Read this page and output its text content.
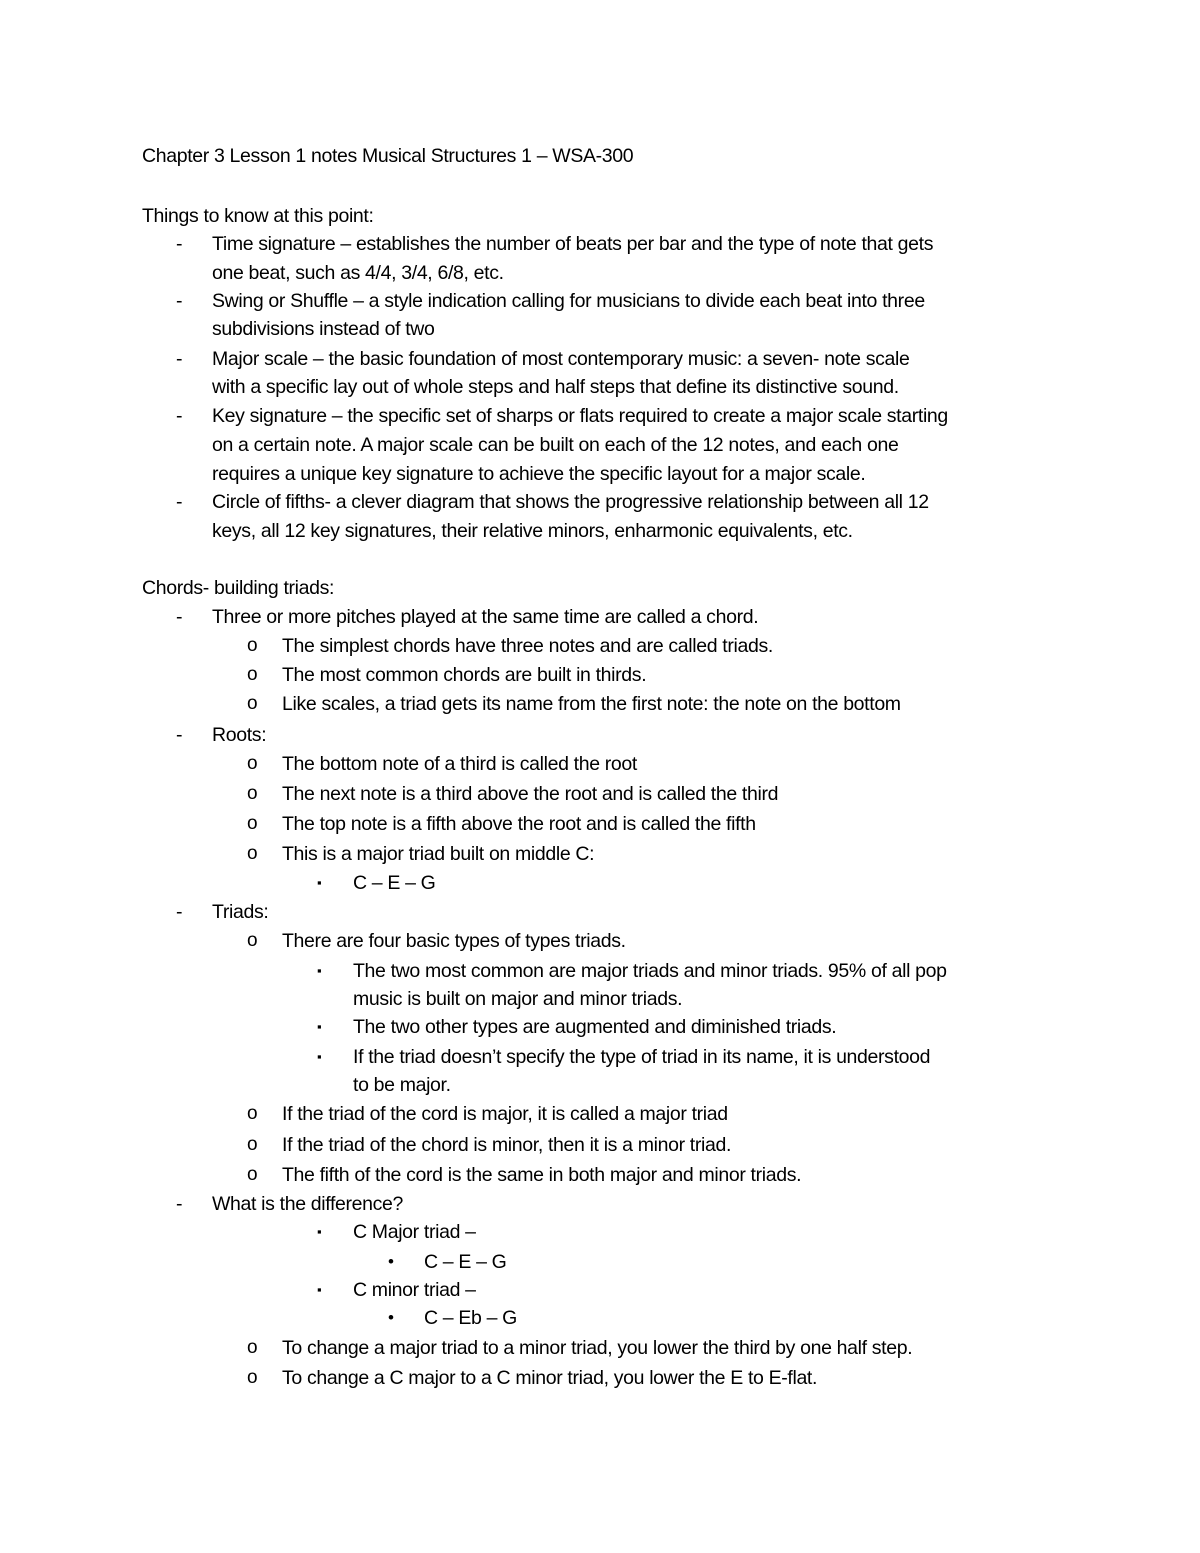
Chapter 3 Lesson 1 notes Musical Structures 1 – WSA-300
Things to know at this point:
- Time signature – establishes the number of beats per bar and the type of note that gets
one beat, such as 4/4, 3/4, 6/8, etc.
- Swing or Shuffle – a style indication calling for musicians to divide each beat into three
subdivisions instead of two
- Major scale – the basic foundation of most contemporary music: a seven- note scale
with a specific lay out of whole steps and half steps that define its distinctive sound.
- Key signature – the specific set of sharps or flats required to create a major scale starting
on a certain note. A major scale can be built on each of the 12 notes, and each one
requires a unique key signature to achieve the specific layout for a major scale.
- Circle of fifths- a clever diagram that shows the progressive relationship between all 12
keys, all 12 key signatures, their relative minors, enharmonic equivalents, etc.
Chords- building triads:
- Three or more pitches played at the same time are called a chord.
o The simplest chords have three notes and are called triads.
o The most common chords are built in thirds.
o Like scales, a triad gets its name from the first note: the note on the bottom
- Roots:
o The bottom note of a third is called the root
o The next note is a third above the root and is called the third
o The top note is a fifth above the root and is called the fifth
o This is a major triad built on middle C:
▪ C – E – G
- Triads:
o There are four basic types of types triads.
▪ The two most common are major triads and minor triads. 95% of all pop
music is built on major and minor triads.
▪ The two other types are augmented and diminished triads.
▪ If the triad doesn’t specify the type of triad in its name, it is understood
to be major.
o If the triad of the cord is major, it is called a major triad
o If the triad of the chord is minor, then it is a minor triad.
o The fifth of the cord is the same in both major and minor triads.
- What is the difference?
▪ C Major triad –
• C – E – G
▪ C minor triad –
• C – Eb – G
o To change a major triad to a minor triad, you lower the third by one half step.
o To change a C major to a C minor triad, you lower the E to E-flat.
